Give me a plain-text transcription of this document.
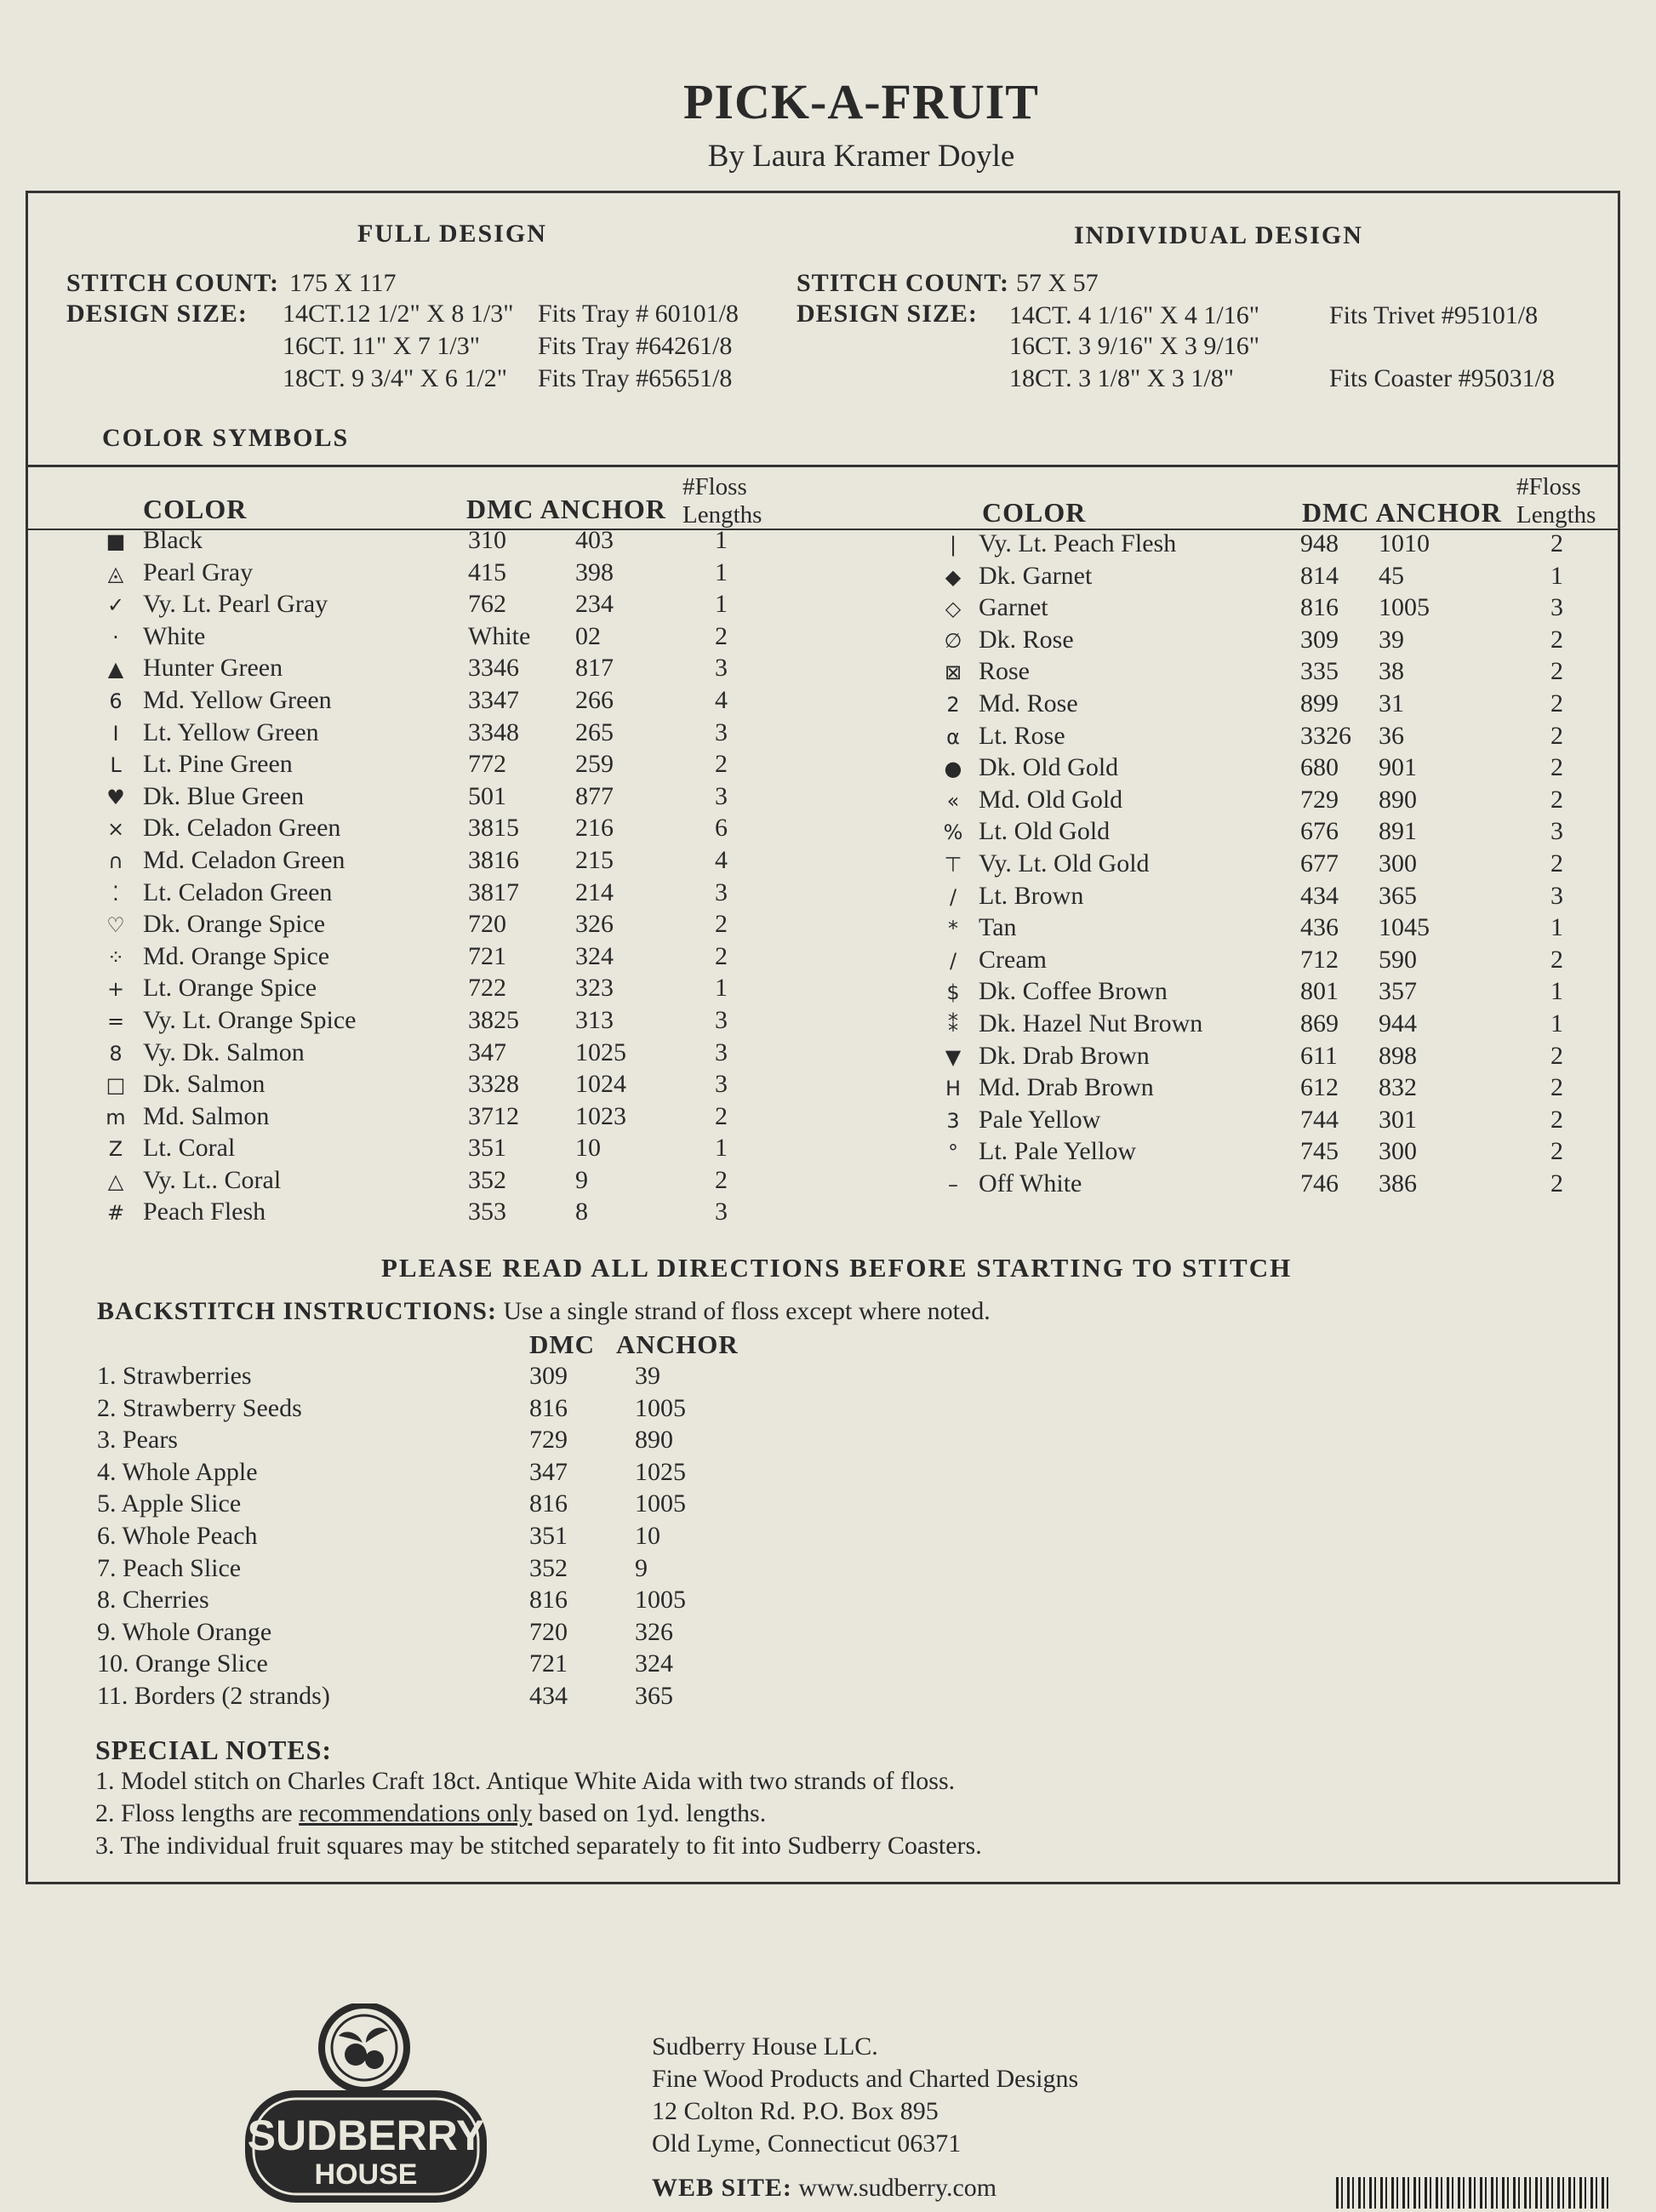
PICK-A-FRUIT
By Laura Kramer Doyle
FULL DESIGN
STITCH COUNT: 175 X 117
DESIGN SIZE: 14CT.12 1/2" X 8 1/3" Fits Tray # 60101/8
16CT. 11" X 7 1/3" Fits Tray #64261/8
18CT. 9 3/4" X 6 1/2" Fits Tray #65651/8
INDIVIDUAL DESIGN
STITCH COUNT: 57 X 57
DESIGN SIZE: 14CT. 4 1/16" X 4 1/16"	Fits Trivet #95101/8
16CT. 3 9/16" X 3 9/16"
18CT. 3 1/8" X 3 1/8"	Fits Coaster #95031/8
COLOR SYMBOLS
COLOR	DMC ANCHOR
#Floss
Lengths	COLOR	DMC ANCHOR
#Floss
Lengths
■ Black	310	403	1
◬ Pearl Gray	415	398	1
✓ Vy. Lt. Pearl Gray	762	234	1
· White	White 02	2
▲ Hunter Green	3346 817	3
6 Md. Yellow Green	3347 266	4
I Lt. Yellow Green	3348 265	3
L Lt. Pine Green	772	259	2
♥ Dk. Blue Green	501	877	3
× Dk. Celadon Green	3815 216	6
∩ Md. Celadon Green	3816 215	4
⁚ Lt. Celadon Green	3817 214	3
♡ Dk. Orange Spice	720	326	2
⁘ Md. Orange Spice	721	324	2
+ Lt. Orange Spice	722	323	1
= Vy. Lt. Orange Spice	3825 313	3
8 Vy. Dk. Salmon	347	1025	3
□ Dk. Salmon	3328 1024	3
m Md. Salmon	3712 1023	2
Z Lt. Coral	351	10	1
△ Vy. Lt.. Coral	352	9	2
# Peach Flesh	353	8	3
| Vy. Lt. Peach Flesh	948 1010	2
◆ Dk. Garnet	814 45	1
◇ Garnet	816 1005	3
∅ Dk. Rose	309 39	2
⊠ Rose	335 38	2
2 Md. Rose	899 31	2
α Lt. Rose	3326 36	2
● Dk. Old Gold	680 901	2
« Md. Old Gold	729 890	2
% Lt. Old Gold	676 891	3
⊤ Vy. Lt. Old Gold	677 300	2
/ Lt. Brown	434 365	3
* Tan	436 1045	1
/ Cream	712 590	2
$ Dk. Coffee Brown	801 357	1
⁑ Dk. Hazel Nut Brown	869 944	1
▼ Dk. Drab Brown	611 898	2
H Md. Drab Brown	612 832	2
3 Pale Yellow	744 301	2
° Lt. Pale Yellow	745 300	2
– Off White	746 386	2
PLEASE READ ALL DIRECTIONS BEFORE STARTING TO STITCH
BACKSTITCH INSTRUCTIONS: Use a single strand of floss except where noted.
DMC ANCHOR
1. Strawberries	309	39
2. Strawberry Seeds	816	1005
3. Pears	729	890
4. Whole Apple	347	1025
5. Apple Slice	816	1005
6. Whole Peach	351	10
7. Peach Slice	352	9
8. Cherries	816	1005
9. Whole Orange	720	326
10. Orange Slice	721	324
11. Borders (2 strands)	434	365
SPECIAL NOTES:
1. Model stitch on Charles Craft 18ct. Antique White Aida with two strands of floss.
2. Floss lengths are recommendations only based on 1yd. lengths.
3. The individual fruit squares may be stitched separately to fit into Sudberry Coasters.
SUDBERRY
HOUSE
Sudberry House LLC.
Fine Wood Products and Charted Designs
12 Colton Rd. P.O. Box 895
Old Lyme, Connecticut 06371
WEB SITE: www.sudberry.com
